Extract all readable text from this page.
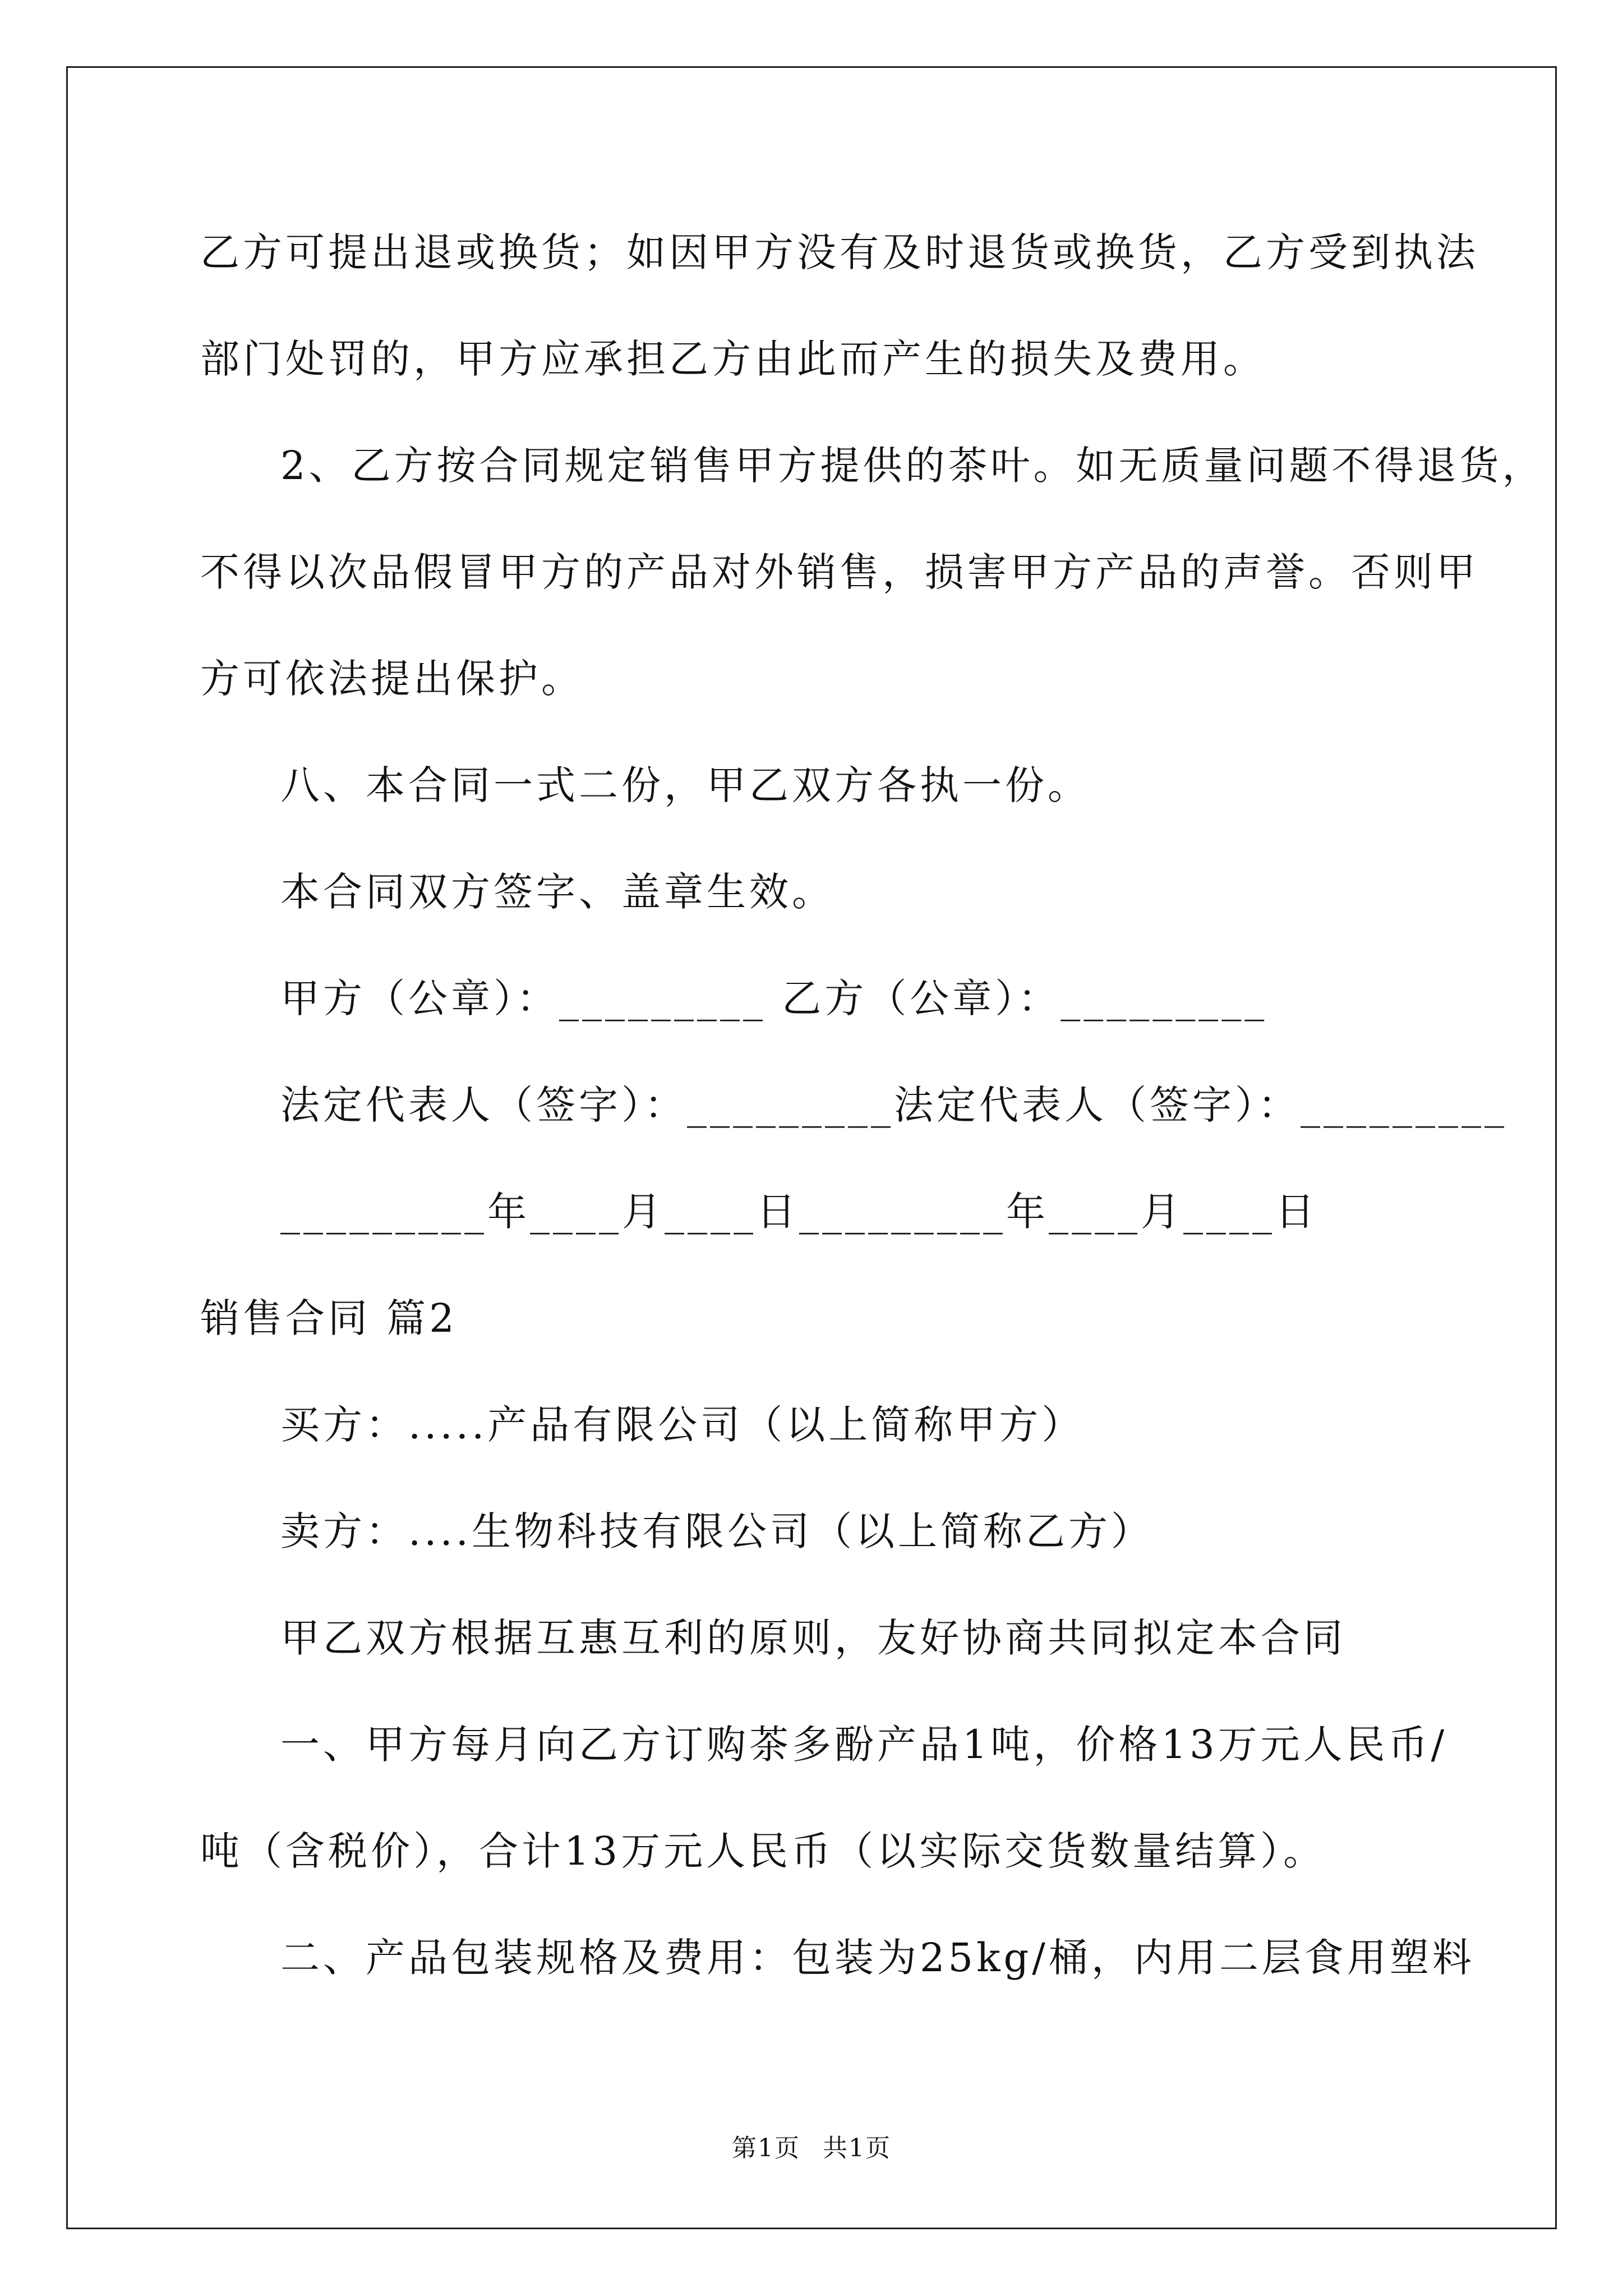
乙方可提出退或换货；如因甲方没有及时退货或换货，乙方受到执法
部门处罚的，甲方应承担乙方由此而产生的损失及费用。
2、乙方按合同规定销售甲方提供的茶叶。如无质量问题不得退货，
不得以次品假冒甲方的产品对外销售，损害甲方产品的声誉。否则甲
方可依法提出保护。
八、本合同一式二份，甲乙双方各执一份。
本合同双方签字、盖章生效。
甲方（公章）：_________ 乙方（公章）：_________
法定代表人（签字）：_________法定代表人（签字）：_________
_________年____月____日_________年____月____日
销售合同 篇2
买方：.....产品有限公司（以上简称甲方）
卖方：....生物科技有限公司（以上简称乙方）
甲乙双方根据互惠互利的原则，友好协商共同拟定本合同
一、甲方每月向乙方订购茶多酚产品1吨，价格13万元人民币/
吨（含税价），合计13万元人民币（以实际交货数量结算）。
二、产品包装规格及费用：包装为25kg/桶，内用二层食用塑料
第1页 共1页
